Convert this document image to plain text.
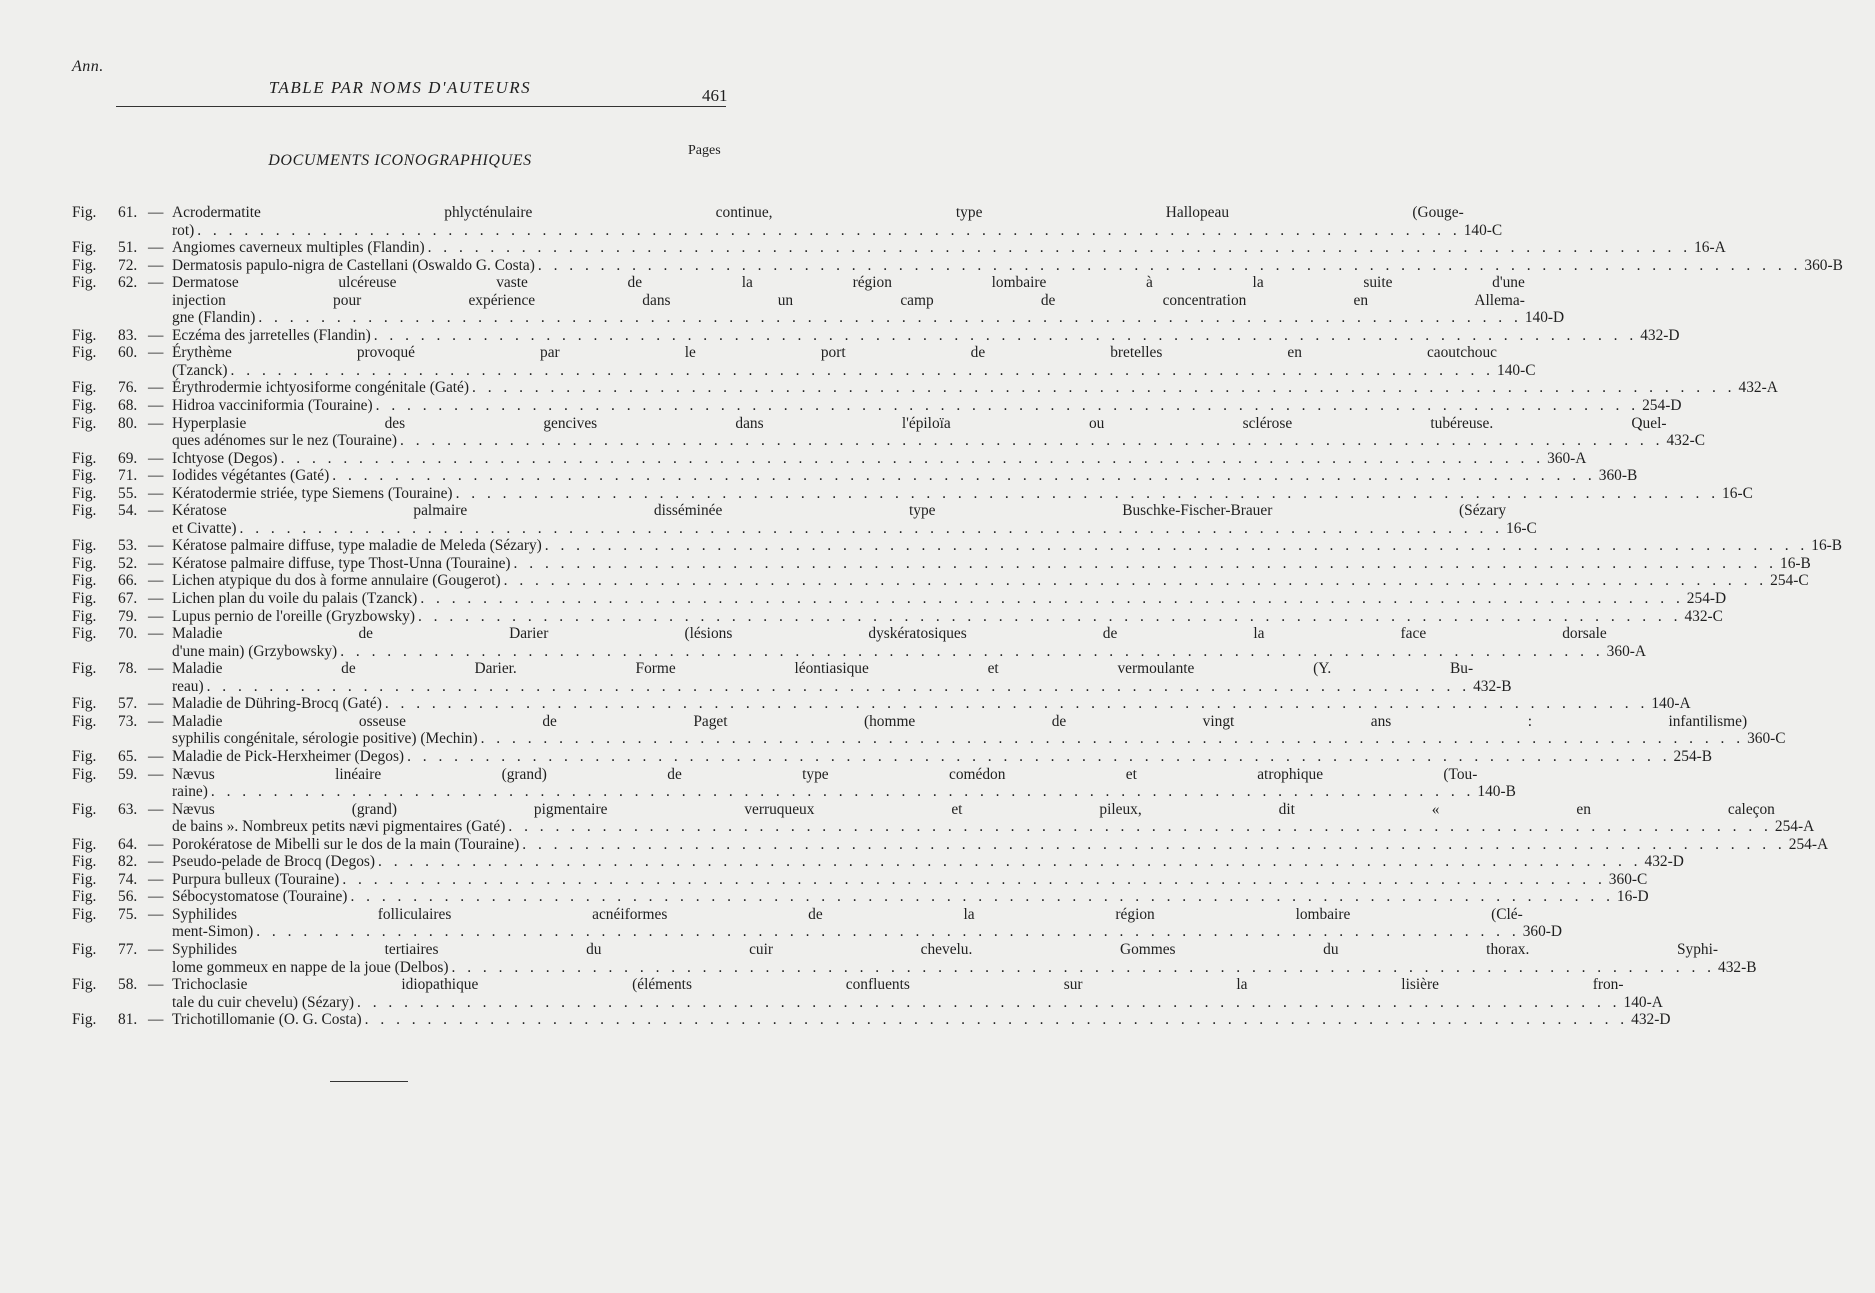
Ann.
TABLE PAR NOMS D'AUTEURS	461
DOCUMENTS ICONOGRAPHIQUES
Pages
Fig.	61. — Acrodermatite phlycténulaire continue, type Hallopeau (Gouge-
rot) . . .	140-C
Fig.	51. — Angiomes caverneux multiples (Flandin) . . .	16-A
Fig.	72. — Dermatosis papulo-nigra de Castellani (Oswaldo G. Costa) . . .	360-B
Fig.	62. — Dermatose ulcéreuse vaste de la région lombaire à la suite d'une
injection pour expérience dans un camp de concentration en Allema-
gne (Flandin) . . .	140-D
Fig.	83. — Eczéma des jarretelles (Flandin) . . .	432-D
Fig.	60. — Érythème provoqué par le port de bretelles en caoutchouc
(Tzanck) . . .	140-C
Fig.	76. — Érythrodermie ichtyosiforme congénitale (Gaté) . . .	432-A
Fig.	68. — Hidroa vacciniformia (Touraine) . . .	254-D
Fig.	80. — Hyperplasie des gencives dans l'épiloïa ou sclérose tubéreuse. Quel-
ques adénomes sur le nez (Touraine) . . .	432-C
Fig.	69. — Ichtyose (Degos) . . .	360-A
Fig.	71. — Iodides végétantes (Gaté) . . .	360-B
Fig.	55. — Kératodermie striée, type Siemens (Touraine) . . .	16-C
Fig.	54. — Kératose palmaire disséminée type Buschke-Fischer-Brauer (Sézary
et Civatte) . . .	16-C
Fig.	53. — Kératose palmaire diffuse, type maladie de Meleda (Sézary) . . .	16-B
Fig.	52. — Kératose palmaire diffuse, type Thost-Unna (Touraine) . . .	16-B
Fig.	66. — Lichen atypique du dos à forme annulaire (Gougerot) . . .	254-C
Fig.	67. — Lichen plan du voile du palais (Tzanck) . . .	254-D
Fig.	79. — Lupus pernio de l'oreille (Gryzbowsky) . . .	432-C
Fig.	70. — Maladie de Darier (lésions dyskératosiques de la face dorsale
d'une main) (Grzybowsky) . . .	360-A
Fig.	78. — Maladie de Darier. Forme léontiasique et vermoulante (Y. Bu-
reau) . . .	432-B
Fig.	57. — Maladie de Dühring-Brocq (Gaté) . . .	140-A
Fig.	73. — Maladie osseuse de Paget (homme de vingt ans : infantilisme)
syphilis congénitale, sérologie positive) (Mechin) . . .	360-C
Fig.	65. — Maladie de Pick-Herxheimer (Degos) . . .	254-B
Fig.	59. — Nævus linéaire (grand) de type comédon et atrophique (Tou-
raine) . . .	140-B
Fig.	63. — Nævus (grand) pigmentaire verruqueux et pileux, dit « en caleçon
de bains ». Nombreux petits nævi pigmentaires (Gaté) . . .	254-A
Fig.	64. — Porokératose de Mibelli sur le dos de la main (Touraine) . . .	254-A
Fig.	82. — Pseudo-pelade de Brocq (Degos) . . .	432-D
Fig.	74. — Purpura bulleux (Touraine) . . .	360-C
Fig.	56. — Sébocystomatose (Touraine) . . .	16-D
Fig.	75. — Syphilides folliculaires acnéiformes de la région lombaire (Clé-
ment-Simon) . . .	360-D
Fig.	77. — Syphilides tertiaires du cuir chevelu. Gommes du thorax. Syphi-
lome gommeux en nappe de la joue (Delbos) . . .	432-B
Fig.	58. — Trichoclasie idiopathique (éléments confluents sur la lisière fron-
tale du cuir chevelu) (Sézary) . . .	140-A
Fig.	81. — Trichotillomanie (O. G. Costa) . . .	432-D
